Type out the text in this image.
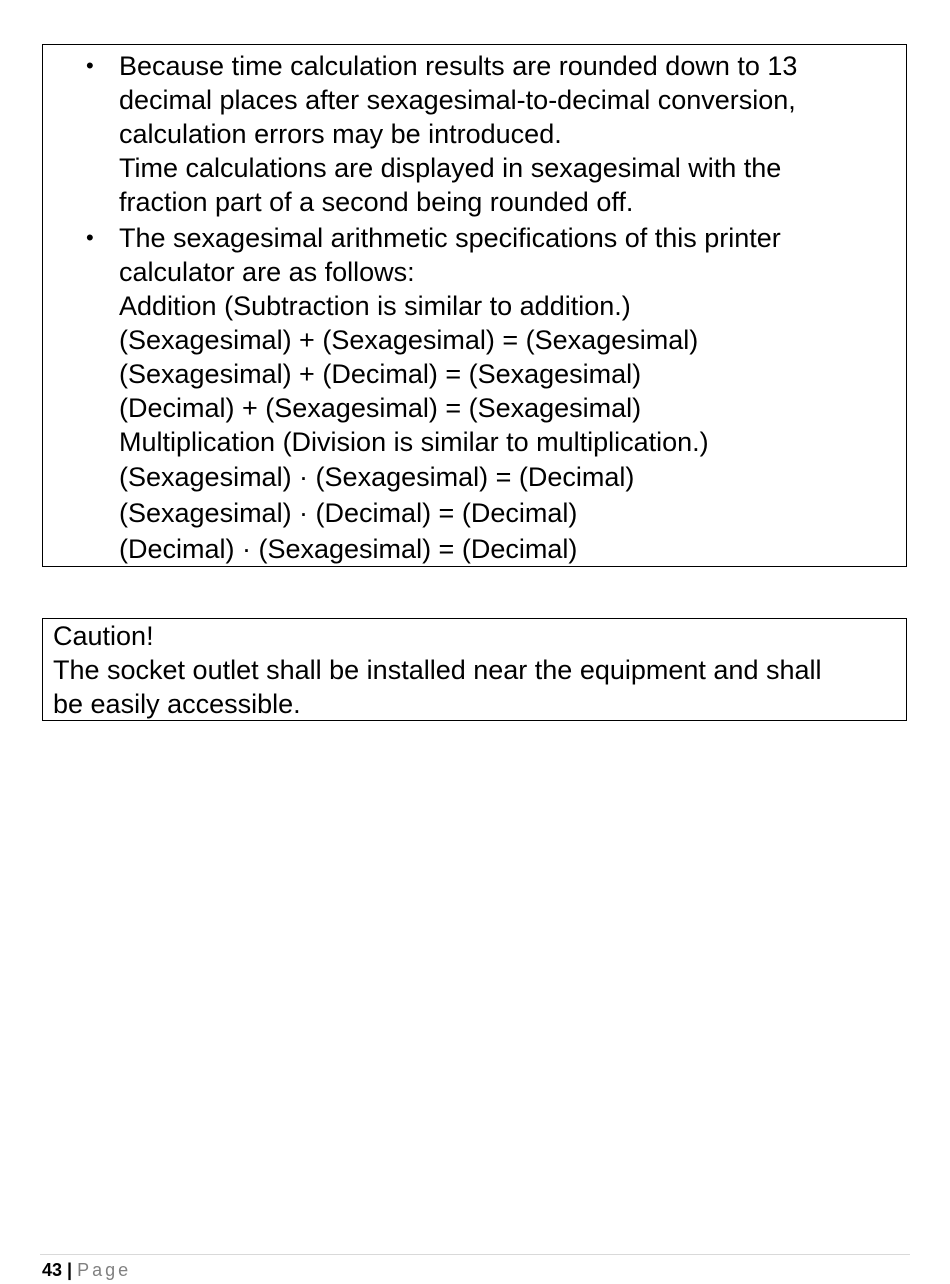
• Because time calculation results are rounded down to 13
decimal places after sexagesimal-to-decimal conversion,
calculation errors may be introduced.
Time calculations are displayed in sexagesimal with the
fraction part of a second being rounded off.
• The sexagesimal arithmetic specifications of this printer
calculator are as follows:
Addition (Subtraction is similar to addition.)
(Sexagesimal) + (Sexagesimal) = (Sexagesimal)
(Sexagesimal) + (Decimal) = (Sexagesimal)
(Decimal) + (Sexagesimal) = (Sexagesimal)
Multiplication (Division is similar to multiplication.)
(Sexagesimal) · (Sexagesimal) = (Decimal)
(Sexagesimal) · (Decimal) = (Decimal)
(Decimal) · (Sexagesimal) = (Decimal)
Caution!
The socket outlet shall be installed near the equipment and shall
be easily accessible.
43 | Page
